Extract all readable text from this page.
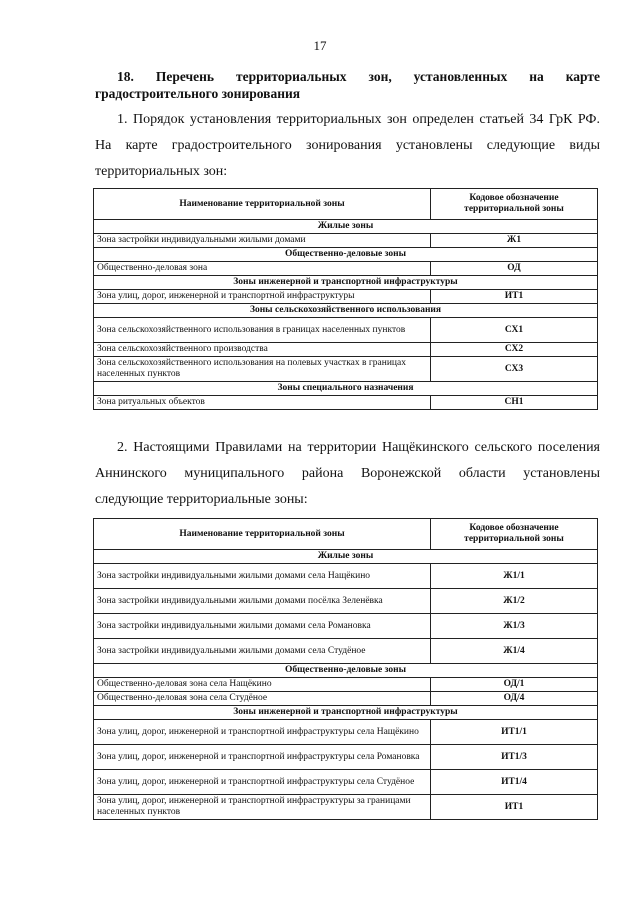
17
18. Перечень территориальных зон, установленных на карте градостроительного зонирования
1. Порядок установления территориальных зон определен статьей 34 ГрК РФ. На карте градостроительного зонирования установлены следующие виды территориальных зон:
Наименование территориальной зоны	Кодовое обозначение территориальной зоны
Жилые зоны	
Зона застройки индивидуальными жилыми домами	Ж1
Общественно-деловые зоны	
Общественно-деловая зона	ОД
Зоны инженерной и транспортной инфраструктуры	
Зона улиц, дорог, инженерной и транспортной инфраструктуры	ИТ1
Зоны сельскохозяйственного использования	
Зона сельскохозяйственного использования в границах населенных пунктов	СХ1
Зона сельскохозяйственного производства	СХ2
Зона сельскохозяйственного использования на полевых участках в границах населенных пунктов	СХ3
Зоны специального назначения	
Зона ритуальных объектов	СН1
2. Настоящими Правилами на территории Нащёкинского сельского поселения Аннинского муниципального района Воронежской области установлены следующие территориальные зоны:
Наименование территориальной зоны	Кодовое обозначение территориальной зоны
Жилые зоны	
Зона застройки индивидуальными жилыми домами села Нащёкино	Ж1/1
Зона застройки индивидуальными жилыми домами посёлка Зеленёвка	Ж1/2
Зона застройки индивидуальными жилыми домами села Романовка	Ж1/3
Зона застройки индивидуальными жилыми домами села Студёное	Ж1/4
Общественно-деловые зоны	
Общественно-деловая зона села Нащёкино	ОД/1
Общественно-деловая зона села Студёное	ОД/4
Зоны инженерной и транспортной инфраструктуры	
Зона улиц, дорог, инженерной и транспортной инфраструктуры села Нащёкино	ИТ1/1
Зона улиц, дорог, инженерной и транспортной инфраструктуры села Романовка	ИТ1/3
Зона улиц, дорог, инженерной и транспортной инфраструктуры села Студёное	ИТ1/4
Зона улиц, дорог, инженерной и транспортной инфраструктуры за границами населенных пунктов	ИТ1
